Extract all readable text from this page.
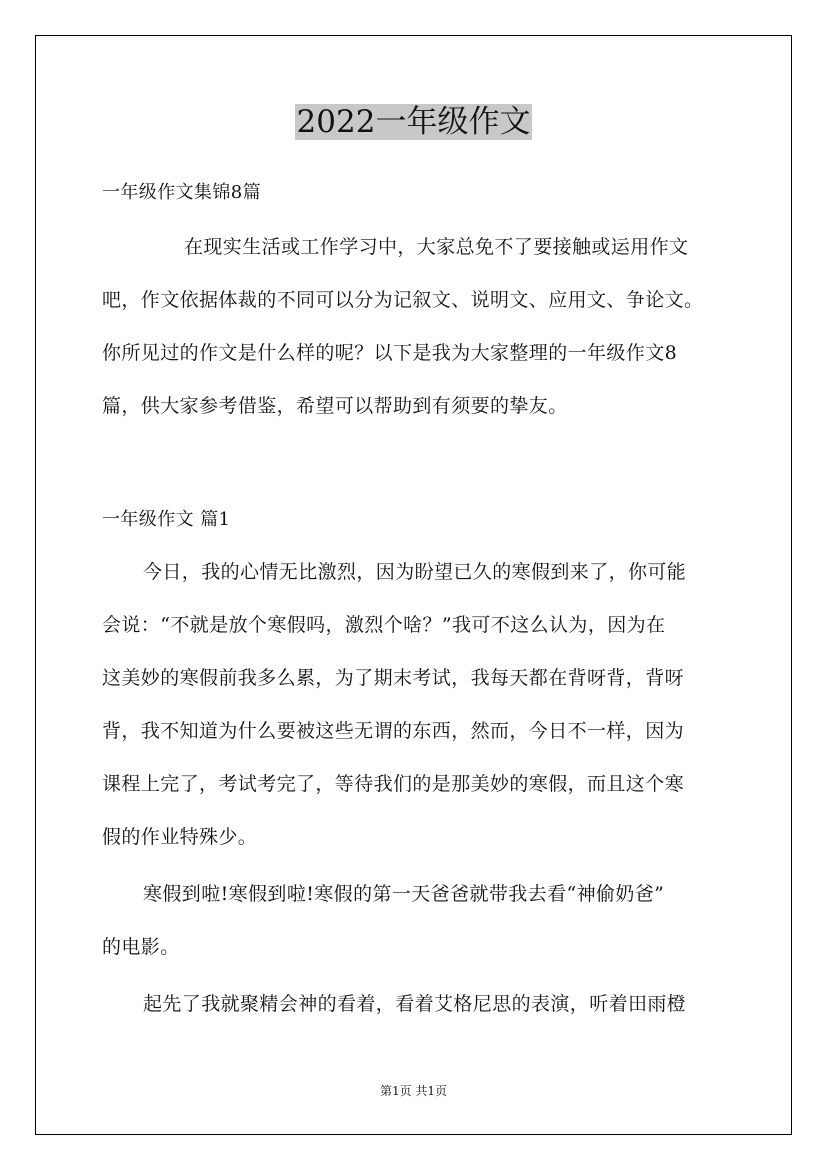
2022一年级作文
一年级作文集锦8篇
在现实生活或工作学习中，大家总免不了要接触或运用作文
吧，作文依据体裁的不同可以分为记叙文、说明文、应用文、争论文。
你所见过的作文是什么样的呢？以下是我为大家整理的一年级作文8
篇，供大家参考借鉴，希望可以帮助到有须要的挚友。
一年级作文 篇1
今日，我的心情无比激烈，因为盼望已久的寒假到来了，你可能
会说：“不就是放个寒假吗，激烈个啥？”我可不这么认为，因为在
这美妙的寒假前我多么累，为了期末考试，我每天都在背呀背，背呀
背，我不知道为什么要被这些无谓的东西，然而，今日不一样，因为
课程上完了，考试考完了，等待我们的是那美妙的寒假，而且这个寒
假的作业特殊少。
寒假到啦!寒假到啦!寒假的第一天爸爸就带我去看“神偷奶爸”
的电影。
起先了我就聚精会神的看着，看着艾格尼思的表演，听着田雨橙
第1页 共1页
